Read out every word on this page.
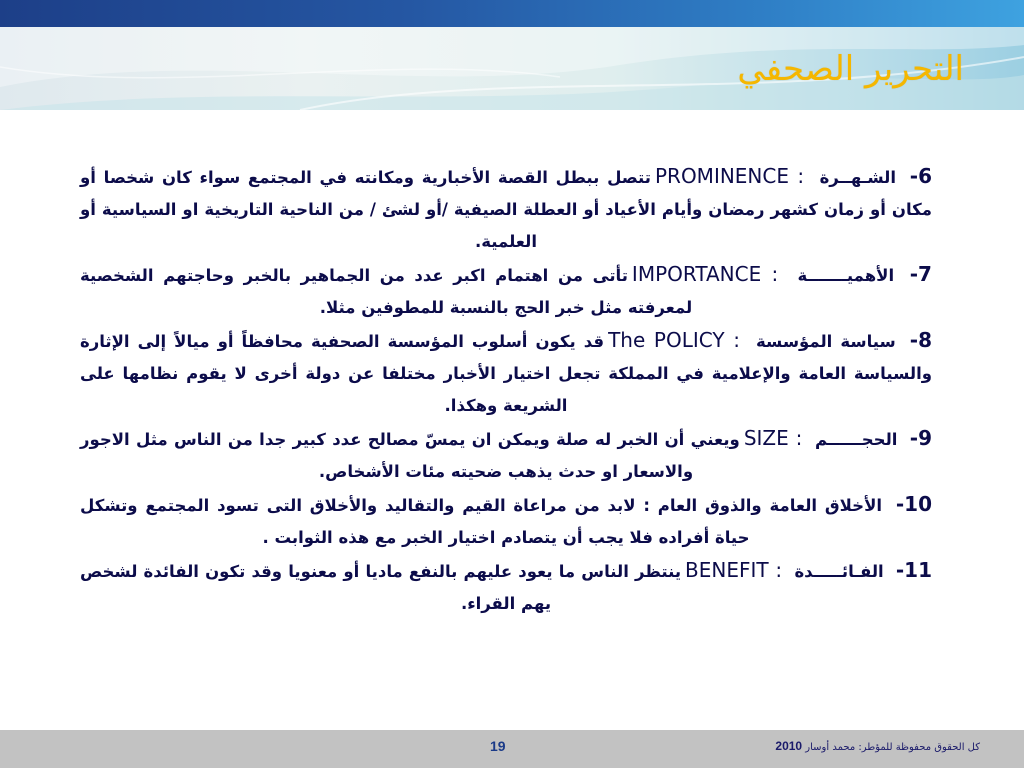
التحرير الصحفي

6- الشـهــرة  : PROMINENCEتتصل ببطل القصة الأخبارية ومكانته في المجتمع سواء كان شخصا أو مكان أو زمان كشهر رمضان وأيام الأعياد أو العطلة الصيفية /أو لشئ / من الناحية التاريخية او السياسية أو العلمية.

7- الأهميـــــــة  : IMPORTANCEتأتى من اهتمام اكبر عدد من الجماهير بالخبر وحاجتهم الشخصية لمعرفته مثل خبر الحج بالنسبة للمطوفين مثلا.

8- سياسة المؤسسة  : The POLICYقد يكون أسلوب المؤسسة الصحفية محافظاً أو ميالاً إلى الإثارة والسياسة العامة والإعلامية في المملكة تجعل اختيار الأخبار مختلفا عن دولة أخرى لا يقوم نظامها على الشريعة وهكذا.

9- الحجــــــم  : SIZEويعني أن الخبر له صلة ويمكن ان يمسّ مصالح عدد كبير جدا من الناس مثل الاجور والاسعار او حدث يذهب ضحيته مئات الأشخاص.

10- الأخلاق العامة والذوق العام : لابد من مراعاة القيم والتقاليد والأخلاق التى تسود المجتمع وتشكل حياة أفراده فلا يجب أن يتصادم اختيار الخبر مع هذه الثوابت .

11- الفـائـــــدة  : BENEFITينتظر الناس ما يعود عليهم بالنفع ماديا أو معنويا وقد تكون الفائدة لشخص يهم القراء.

19	كل الحقوق محفوظة للمؤطر: محمد أوسار 2010
